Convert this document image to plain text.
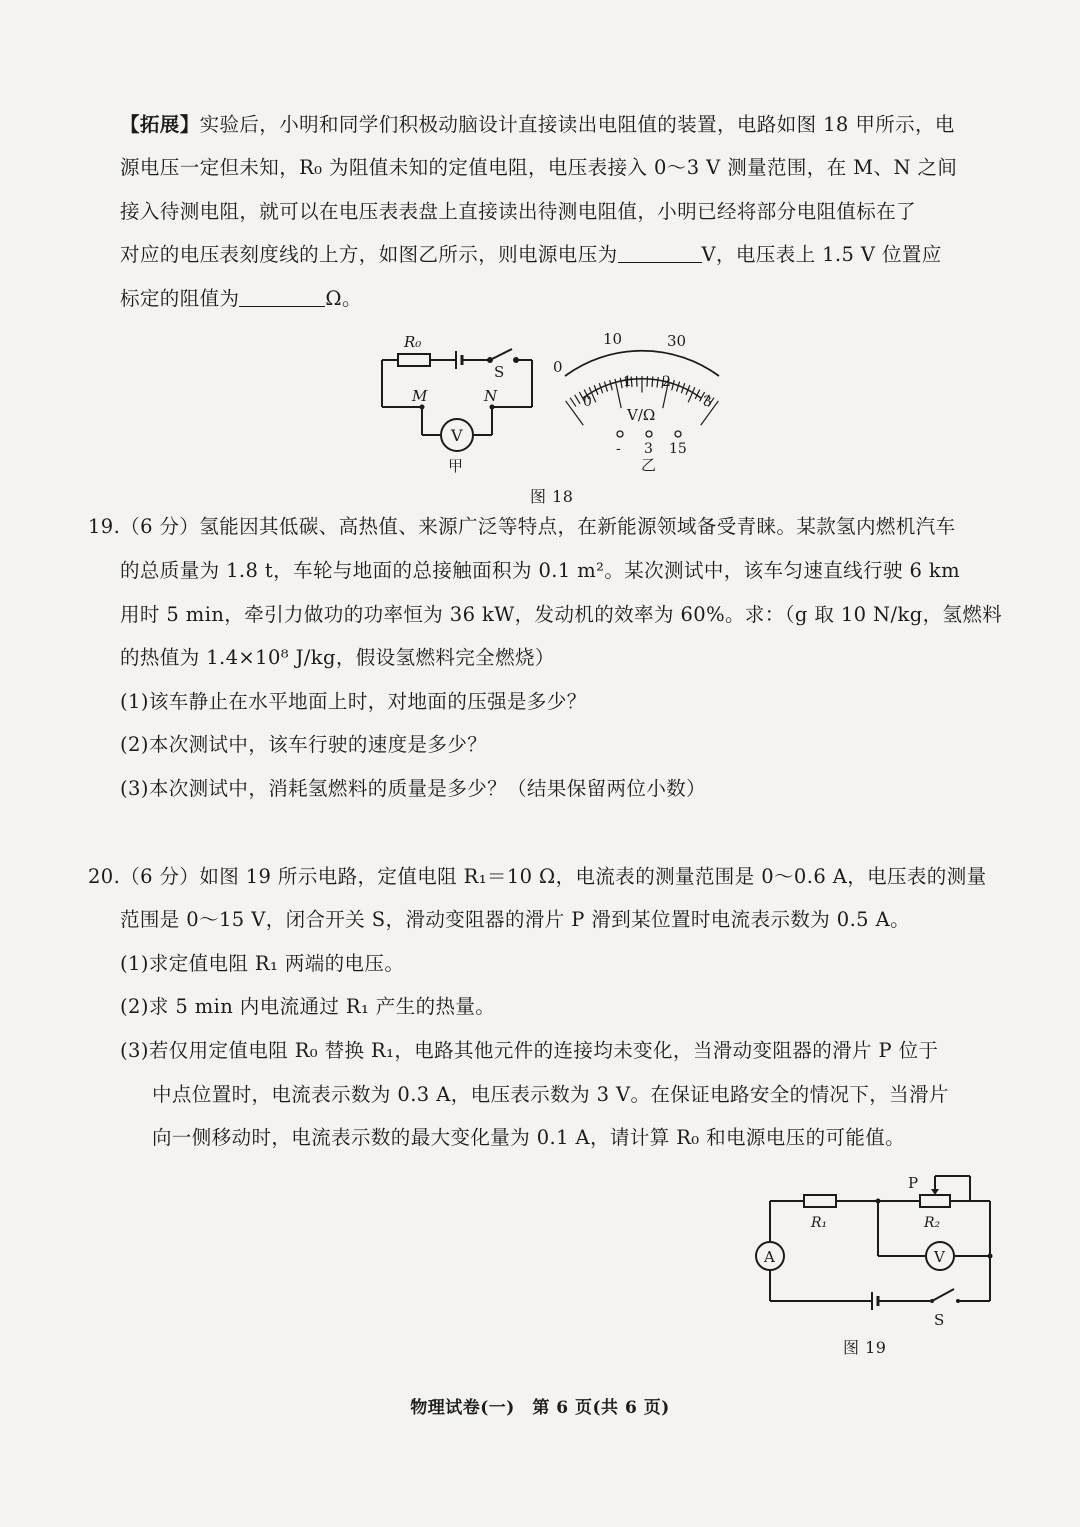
【拓展】实验后，小明和同学们积极动脑设计直接读出电阻值的装置，电路如图 18 甲所示，电
源电压一定但未知，R₀ 为阻值未知的定值电阻，电压表接入 0～3 V 测量范围，在 M、N 之间
接入待测电阻，就可以在电压表表盘上直接读出待测电阻值，小明已经将部分电阻值标在了
对应的电压表刻度线的上方，如图乙所示，则电源电压为	V，电压表上 1.5 V 位置应
标定的阻值为	Ω。
R₀
S
M	N
V
甲
0
10	30
0
1 2
3
V/Ω
- 3 15
乙
图 18
19.（6 分）氢能因其低碳、高热值、来源广泛等特点，在新能源领域备受青睐。某款氢内燃机汽车
的总质量为 1.8 t，车轮与地面的总接触面积为 0.1 m²。某次测试中，该车匀速直线行驶 6 km
用时 5 min，牵引力做功的功率恒为 36 kW，发动机的效率为 60%。求：（g 取 10 N/kg，氢燃料
的热值为 1.4×10⁸ J/kg，假设氢燃料完全燃烧）
(1)该车静止在水平地面上时，对地面的压强是多少？
(2)本次测试中，该车行驶的速度是多少？
(3)本次测试中，消耗氢燃料的质量是多少？（结果保留两位小数）
20.（6 分）如图 19 所示电路，定值电阻 R₁＝10 Ω，电流表的测量范围是 0～0.6 A，电压表的测量
范围是 0～15 V，闭合开关 S，滑动变阻器的滑片 P 滑到某位置时电流表示数为 0.5 A。
(1)求定值电阻 R₁ 两端的电压。
(2)求 5 min 内电流通过 R₁ 产生的热量。
(3)若仅用定值电阻 R₀ 替换 R₁，电路其他元件的连接均未变化，当滑动变阻器的滑片 P 位于
中点位置时，电流表示数为 0.3 A，电压表示数为 3 V。在保证电路安全的情况下，当滑片
向一侧移动时，电流表示数的最大变化量为 0.1 A，请计算 R₀ 和电源电压的可能值。
P
R₁	R₂
A	V
S
图 19
物理试卷(一)　第 6 页(共 6 页)
